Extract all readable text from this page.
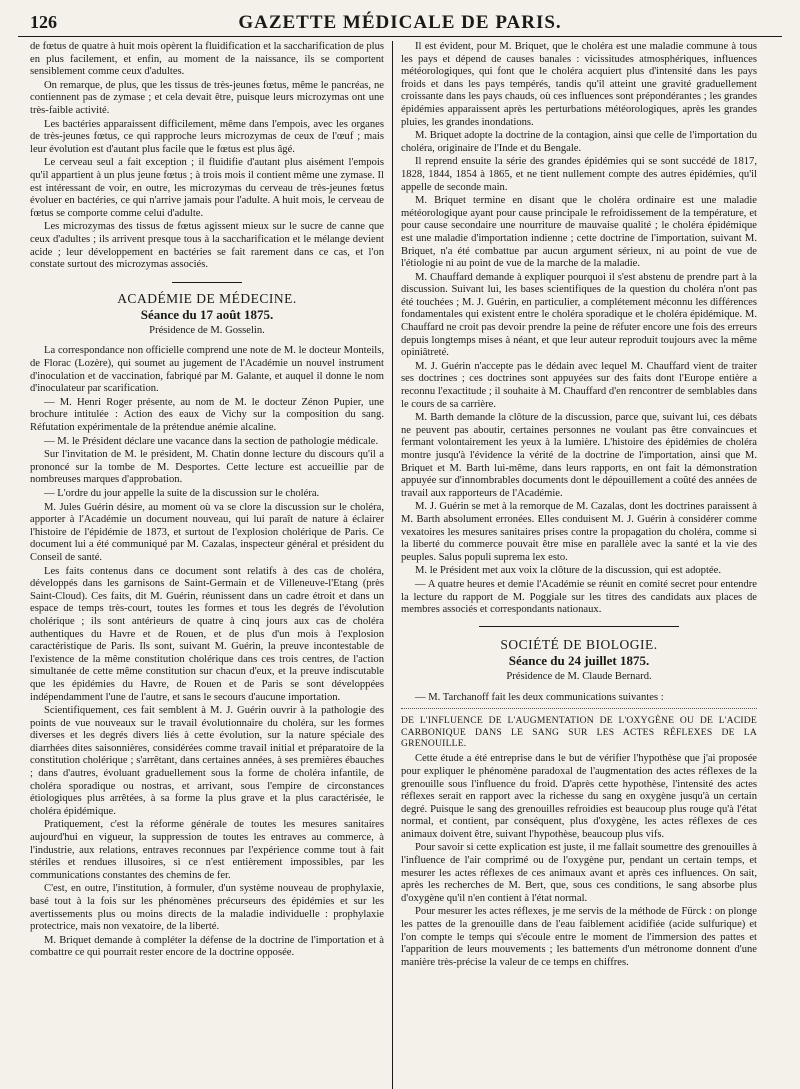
126	GAZETTE MÉDICALE DE PARIS.

de fœtus de quatre à huit mois opèrent la fluidification et la saccharification de plus en plus facilement, et enfin, au moment de la naissance, ils se comportent sensiblement comme ceux d'adultes.

On remarque, de plus, que les tissus de très-jeunes fœtus, même le pancréas, ne contiennent pas de zymase ; et cela devait être, puisque leurs microzymas ont une très-faible activité.

Les bactéries apparaissent difficilement, même dans l'empois, avec les organes de très-jeunes fœtus, ce qui rapproche leurs microzymas de ceux de l'œuf ; mais leur évolution est d'autant plus facile que le fœtus est plus âgé.

Le cerveau seul a fait exception ; il fluidifie d'autant plus aisément l'empois qu'il appartient à un plus jeune fœtus ; à trois mois il contient même une zymase. Il est intéressant de voir, en outre, les microzymas du cerveau de très-jeunes fœtus évoluer en bactéries, ce qui n'arrive jamais pour l'adulte. A huit mois, le cerveau de fœtus se comporte comme celui d'adulte.

Les microzymas des tissus de fœtus agissent mieux sur le sucre de canne que ceux d'adultes ; ils arrivent presque tous à la saccharification et le mélange devient acide ; leur développement en bactéries se fait rarement dans ce cas, et l'on constate surtout des microzymas associés.

ACADÉMIE DE MÉDECINE.
Séance du 17 août 1875.
Présidence de M. Gosselin.

La correspondance non officielle comprend une note de M. le docteur Monteils, de Florac (Lozère), qui soumet au jugement de l'Académie un nouvel instrument d'inoculation et de vaccination, fabriqué par M. Galante, et auquel il donne le nom d'inoculateur par scarification.

— M. Henri Roger présente, au nom de M. le docteur Zénon Pupier, une brochure intitulée : Action des eaux de Vichy sur la composition du sang. Réfutation expérimentale de la prétendue anémie alcaline.

— M. le Président déclare une vacance dans la section de pathologie médicale.

Sur l'invitation de M. le président, M. Chatin donne lecture du discours qu'il a prononcé sur la tombe de M. Desportes. Cette lecture est accueillie par de nombreuses marques d'approbation.

— L'ordre du jour appelle la suite de la discussion sur le choléra.

M. Jules Guérin désire, au moment où va se clore la discussion sur le choléra, apporter à l'Académie un document nouveau, qui lui paraît de nature à éclairer l'histoire de l'épidémie de 1873, et surtout de l'explosion cholérique de Paris. Ce document lui a été communiqué par M. Cazalas, inspecteur général et président du Conseil de santé.

Les faits contenus dans ce document sont relatifs à des cas de choléra, développés dans les garnisons de Saint-Germain et de Villeneuve-l'Etang (près Saint-Cloud). Ces faits, dit M. Guérin, réunissent dans un cadre étroit et dans un espace de temps très-court, toutes les formes et tous les degrés de l'évolution cholérique ; ils sont antérieurs de quatre à cinq jours aux cas de choléra authentiques du Havre et de Rouen, et de plus d'un mois à l'explosion caractéristique de Paris. Ils sont, suivant M. Guérin, la preuve incontestable de l'existence de la même constitution cholérique dans ces trois centres, de l'action simultanée de cette même constitution sur chacun d'eux, et la preuve indiscutable que les épidémies du Havre, de Rouen et de Paris se sont développées indépendamment l'une de l'autre, et sans le secours d'aucune importation.

Scientifiquement, ces fait semblent à M. J. Guérin ouvrir à la pathologie des points de vue nouveaux sur le travail évolutionnaire du choléra, sur les formes diverses et les degrés divers liés à cette évolution, sur la nature spéciale des diarrhées dites saisonnières, considérées comme travail initial et préparatoire de la constitution cholérique ; s'arrêtant, dans certaines années, à ses premières ébauches ; dans d'autres, évoluant graduellement sous la forme de choléra infantile, de choléra sporadique ou nostras, et arrivant, sous l'empire de circonstances étiologiques plus arrêtées, à sa forme la plus grave et la plus caractérisée, le choléra épidémique.

Pratiquement, c'est la réforme générale de toutes les mesures sanitaires aujourd'hui en vigueur, la suppression de toutes les entraves au commerce, à l'industrie, aux relations, entraves reconnues par l'expérience comme tout à fait stériles et rendues illusoires, si ce n'est entièrement impossibles, par les communications constantes des chemins de fer.

C'est, en outre, l'institution, à formuler, d'un système nouveau de prophylaxie, basé tout à la fois sur les phénomènes précurseurs des épidémies et sur les avertissements plus ou moins directs de la maladie individuelle : prophylaxie protectrice, mais non vexatoire, de la liberté.

M. Briquet demande à compléter la défense de la doctrine de l'importation et à combattre ce qui pourrait rester encore de la doctrine opposée.

Il est évident, pour M. Briquet, que le choléra est une maladie commune à tous les pays et dépend de causes banales : vicissitudes atmosphériques, influences météorologiques, qui font que le choléra acquiert plus d'intensité dans les pays froids et dans les pays tempérés, tandis qu'il atteint une gravité graduellement croissante dans les pays chauds, où ces influences sont prépondérantes ; les grandes épidémies apparaissent après les perturbations météorologiques, après les grandes pluies, les grandes inondations.

M. Briquet adopte la doctrine de la contagion, ainsi que celle de l'importation du choléra, originaire de l'Inde et du Bengale.

Il reprend ensuite la série des grandes épidémies qui se sont succédé de 1817, 1828, 1844, 1854 à 1865, et ne tient nullement compte des autres épidémies, qu'il appelle de seconde main.

M. Briquet termine en disant que le choléra ordinaire est une maladie météorologique ayant pour cause principale le refroidissement de la température, et pour cause secondaire une nourriture de mauvaise qualité ; le choléra épidémique est une maladie d'importation indienne ; cette doctrine de l'importation, suivant M. Briquet, n'a été combattue par aucun argument sérieux, ni au point de vue de l'étiologie ni au point de vue de la marche de la maladie.

M. Chauffard demande à expliquer pourquoi il s'est abstenu de prendre part à la discussion. Suivant lui, les bases scientifiques de la question du choléra n'ont pas été touchées ; M. J. Guérin, en particulier, a complétement méconnu les différences fondamentales qui existent entre le choléra sporadique et le choléra épidémique. M. Chauffard ne croit pas devoir prendre la peine de réfuter encore une fois des erreurs depuis longtemps mises à néant, et que leur auteur reproduit toujours avec la même opiniâtreté.

M. J. Guérin n'accepte pas le dédain avec lequel M. Chauffard vient de traiter ses doctrines ; ces doctrines sont appuyées sur des faits dont l'Europe entière a reconnu l'exactitude ; il souhaite à M. Chauffard d'en rencontrer de semblables dans le cours de sa carrière.

M. Barth demande la clôture de la discussion, parce que, suivant lui, ces débats ne peuvent pas aboutir, certaines personnes ne voulant pas être convaincues et fermant volontairement les yeux à la lumière. L'histoire des épidémies de choléra montre jusqu'à l'évidence la vérité de la doctrine de l'importation, ainsi que M. Briquet et M. Barth lui-même, dans leurs rapports, en ont fait la démonstration appuyée sur d'innombrables documents dont le dépouillement a coûté des années de travail aux rapporteurs de l'Académie.

M. J. Guérin se met à la remorque de M. Cazalas, dont les doctrines paraissent à M. Barth absolument erronées. Elles conduisent M. J. Guérin à considérer comme vexatoires les mesures sanitaires prises contre la propagation du choléra, comme si la liberté du commerce pouvait être mise en parallèle avec la santé et la vie des peuples. Salus populi suprema lex esto.

M. le Président met aux voix la clôture de la discussion, qui est adoptée.

— A quatre heures et demie l'Académie se réunit en comité secret pour entendre la lecture du rapport de M. Poggiale sur les titres des candidats aux places de membres associés et correspondants nationaux.

SOCIÉTÉ DE BIOLOGIE.
Séance du 24 juillet 1875.
Présidence de M. Claude Bernard.

— M. Tarchanoff fait les deux communications suivantes :

DE L'INFLUENCE DE L'AUGMENTATION DE L'OXYGÈNE OU DE L'ACIDE CARBONIQUE DANS LE SANG SUR LES ACTES RÉFLEXES DE LA GRENOUILLE.

Cette étude a été entreprise dans le but de vérifier l'hypothèse que j'ai proposée pour expliquer le phénomène paradoxal de l'augmentation des actes réflexes de la grenouille sous l'influence du froid. D'après cette hypothèse, l'intensité des actes réflexes serait en rapport avec la richesse du sang en oxygène jusqu'à un certain degré. Puisque le sang des grenouilles refroidies est beaucoup plus rouge qu'à l'état normal, et contient, par conséquent, plus d'oxygène, les actes réflexes de ces animaux doivent être, suivant l'hypothèse, beaucoup plus vifs.

Pour savoir si cette explication est juste, il me fallait soumettre des grenouilles à l'influence de l'air comprimé ou de l'oxygène pur, pendant un certain temps, et mesurer les actes réflexes de ces animaux avant et après ces influences. On sait, après les recherches de M. Bert, que, sous ces conditions, le sang absorbe plus d'oxygène qu'il n'en contient à l'état normal.

Pour mesurer les actes réflexes, je me servis de la méthode de Fürck : on plonge les pattes de la grenouille dans de l'eau faiblement acidifiée (acide sulfurique) et l'on compte le temps qui s'écoule entre le moment de l'immersion des pattes et l'apparition de leurs mouvements ; les battements d'un métronome donnent d'une manière très-précise la valeur de ce temps en chiffres.
